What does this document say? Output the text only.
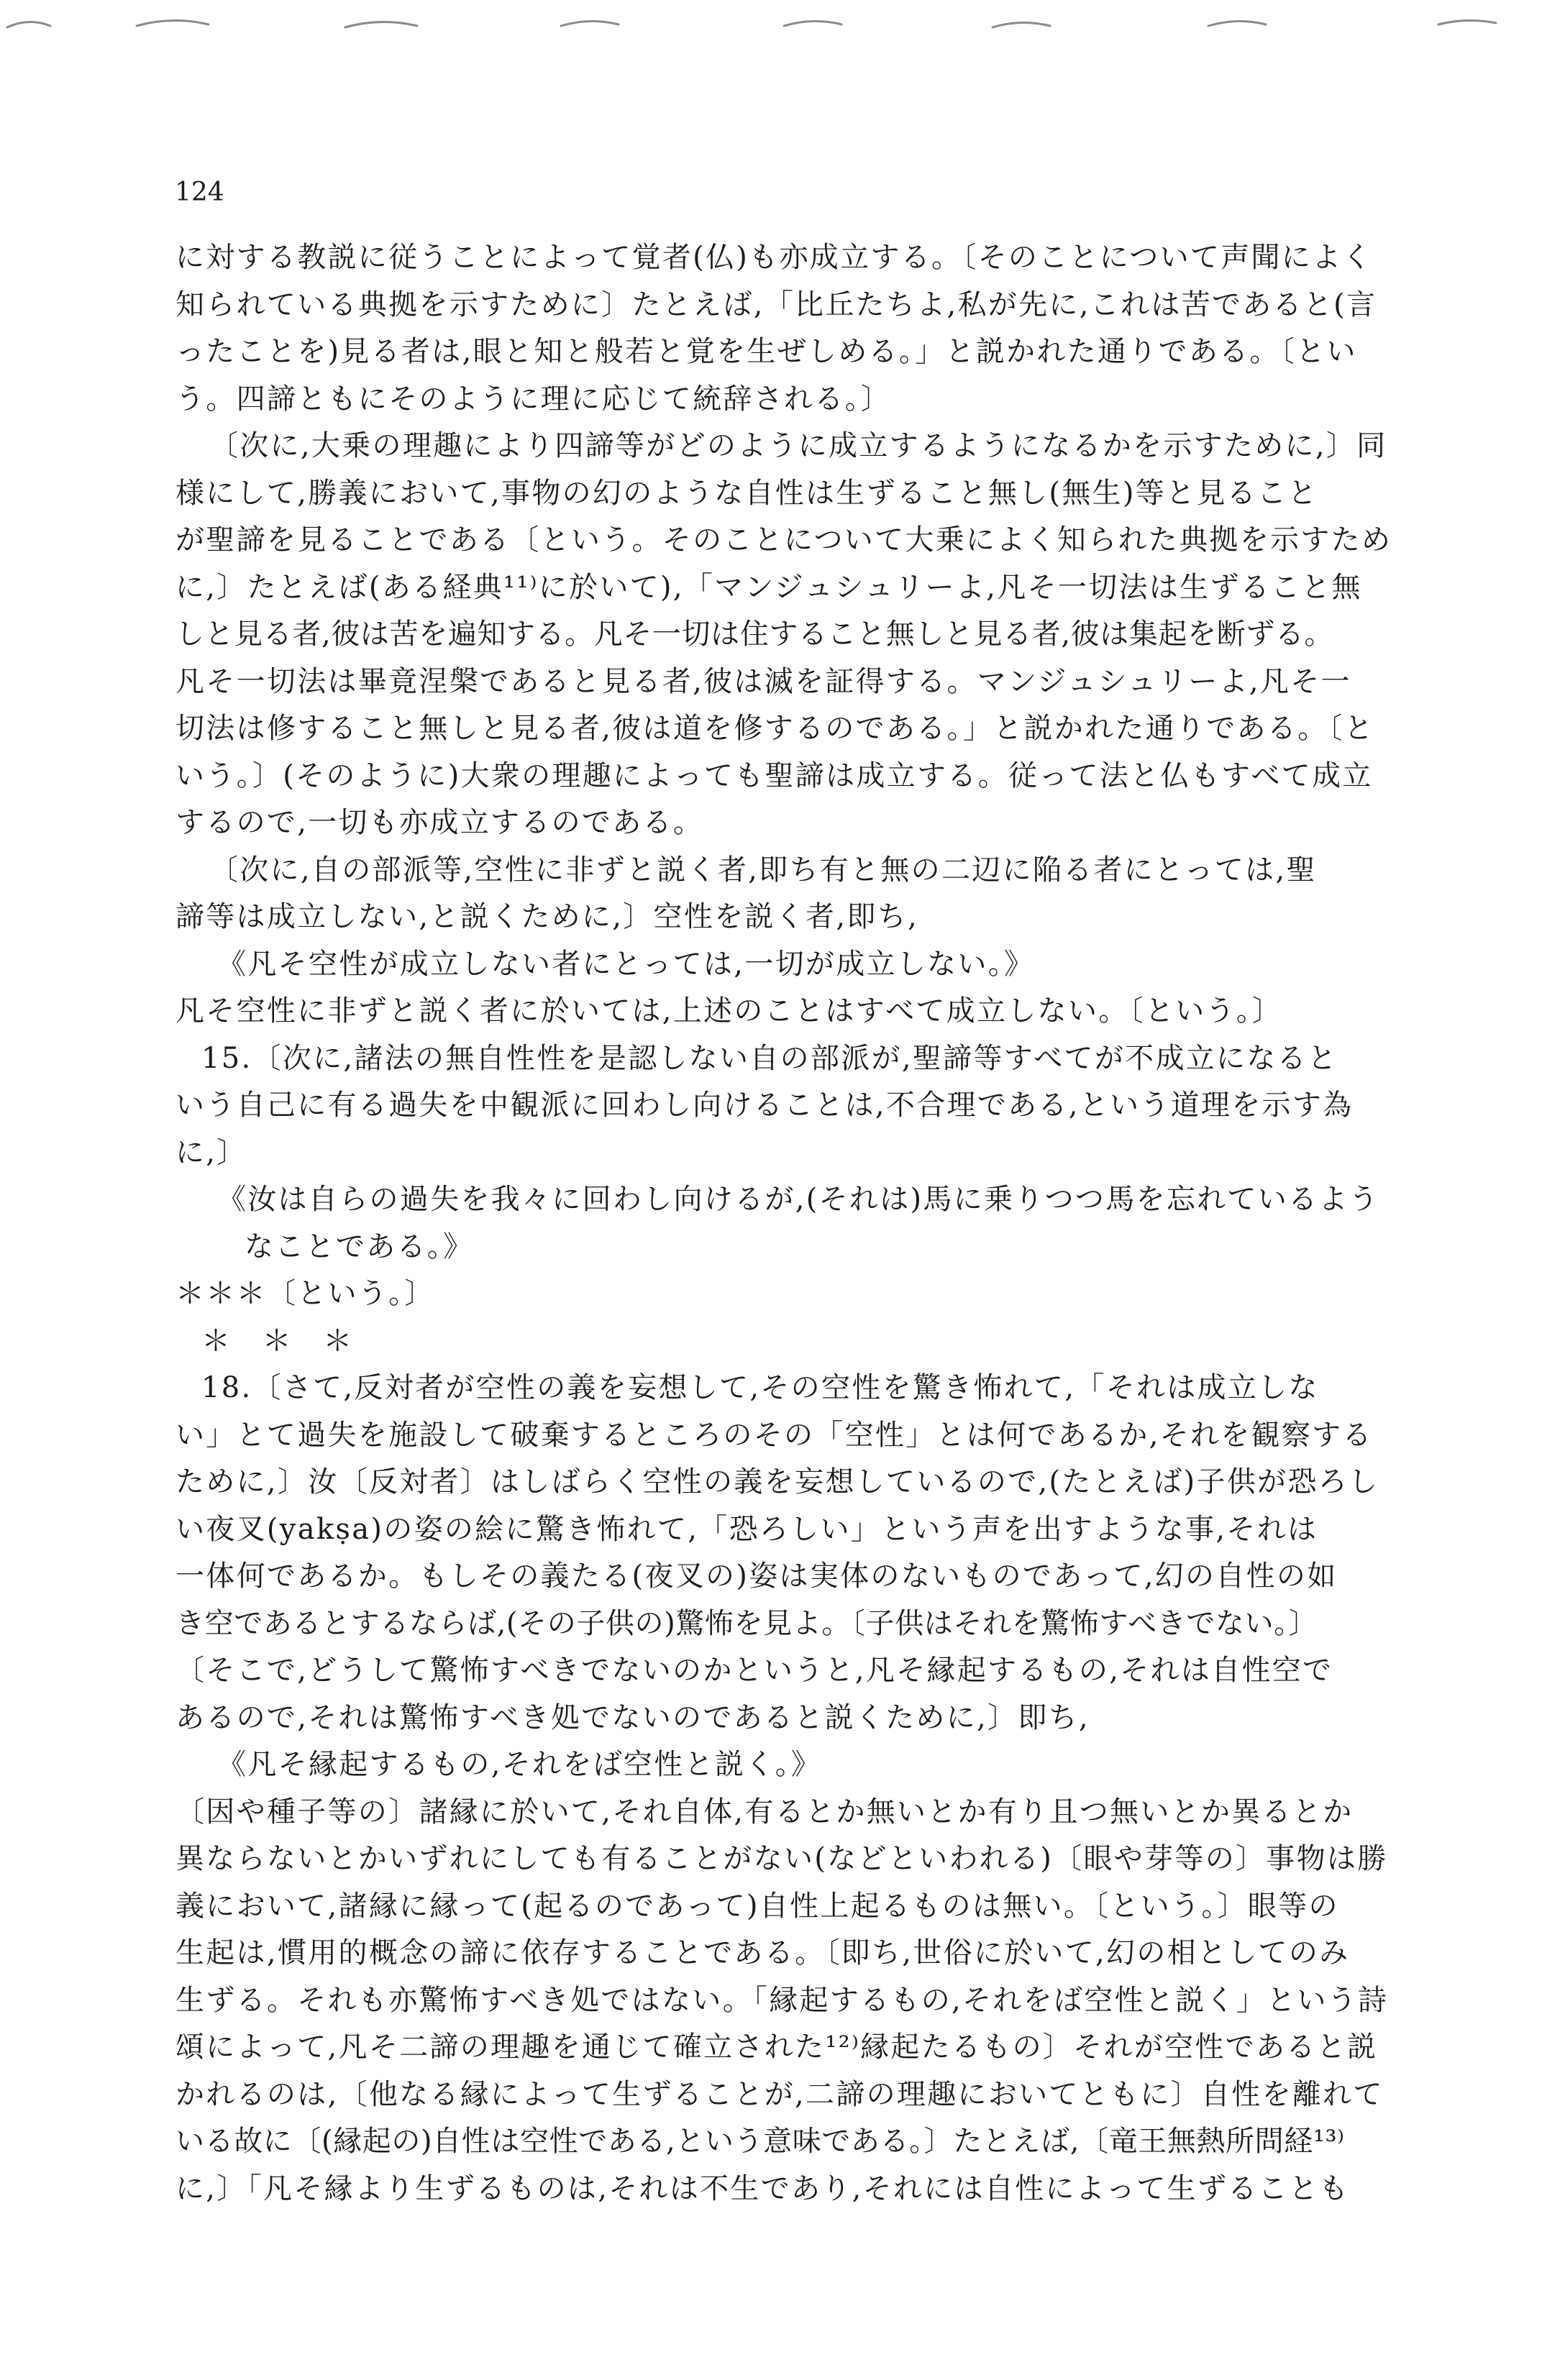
124
に対する教説に従うことによって覚者(仏)も亦成立する。〔そのことについて声聞によく
知られている典拠を示すために〕たとえば,「比丘たちよ,私が先に,これは苦であると(言
ったことを)見る者は,眼と知と般若と覚を生ぜしめる。」と説かれた通りである。〔とい
う。四諦ともにそのように理に応じて統辞される。〕
〔次に,大乗の理趣により四諦等がどのように成立するようになるかを示すために,〕同
様にして,勝義において,事物の幻のような自性は生ずること無し(無生)等と見ること
が聖諦を見ることである〔という。そのことについて大乗によく知られた典拠を示すため
に,〕たとえば(ある経典¹¹⁾に於いて),「マンジュシュリーよ,凡そ一切法は生ずること無
しと見る者,彼は苦を遍知する。凡そ一切は住すること無しと見る者,彼は集起を断ずる。
凡そ一切法は畢竟涅槃であると見る者,彼は滅を証得する。マンジュシュリーよ,凡そ一
切法は修すること無しと見る者,彼は道を修するのである。」と説かれた通りである。〔と
いう。〕(そのように)大衆の理趣によっても聖諦は成立する。従って法と仏もすべて成立
するので,一切も亦成立するのである。
〔次に,自の部派等,空性に非ずと説く者,即ち有と無の二辺に陥る者にとっては,聖
諦等は成立しない,と説くために,〕空性を説く者,即ち,
《凡そ空性が成立しない者にとっては,一切が成立しない。》
凡そ空性に非ずと説く者に於いては,上述のことはすべて成立しない。〔という。〕
15.〔次に,諸法の無自性性を是認しない自の部派が,聖諦等すべてが不成立になると
いう自己に有る過失を中観派に回わし向けることは,不合理である,という道理を示す為
に,〕
《汝は自らの過失を我々に回わし向けるが,(それは)馬に乗りつつ馬を忘れているよう
なことである。》
＊＊＊〔という。〕
＊　＊　＊
18.〔さて,反対者が空性の義を妄想して,その空性を驚き怖れて,「それは成立しな
い」とて過失を施設して破棄するところのその「空性」とは何であるか,それを観察する
ために,〕汝〔反対者〕はしばらく空性の義を妄想しているので,(たとえば)子供が恐ろし
い夜叉(yakṣa)の姿の絵に驚き怖れて,「恐ろしい」という声を出すような事,それは
一体何であるか。もしその義たる(夜叉の)姿は実体のないものであって,幻の自性の如
き空であるとするならば,(その子供の)驚怖を見よ。〔子供はそれを驚怖すべきでない。〕
〔そこで,どうして驚怖すべきでないのかというと,凡そ縁起するもの,それは自性空で
あるので,それは驚怖すべき処でないのであると説くために,〕即ち,
《凡そ縁起するもの,それをば空性と説く。》
〔因や種子等の〕諸縁に於いて,それ自体,有るとか無いとか有り且つ無いとか異るとか
異ならないとかいずれにしても有ることがない(などといわれる)〔眼や芽等の〕事物は勝
義において,諸縁に縁って(起るのであって)自性上起るものは無い。〔という。〕眼等の
生起は,慣用的概念の諦に依存することである。〔即ち,世俗に於いて,幻の相としてのみ
生ずる。それも亦驚怖すべき処ではない。「縁起するもの,それをば空性と説く」という詩
頌によって,凡そ二諦の理趣を通じて確立された¹²⁾縁起たるもの〕それが空性であると説
かれるのは,〔他なる縁によって生ずることが,二諦の理趣においてともに〕自性を離れて
いる故に〔(縁起の)自性は空性である,という意味である。〕たとえば,〔竜王無熱所問経¹³⁾
に,〕「凡そ縁より生ずるものは,それは不生であり,それには自性によって生ずることも
